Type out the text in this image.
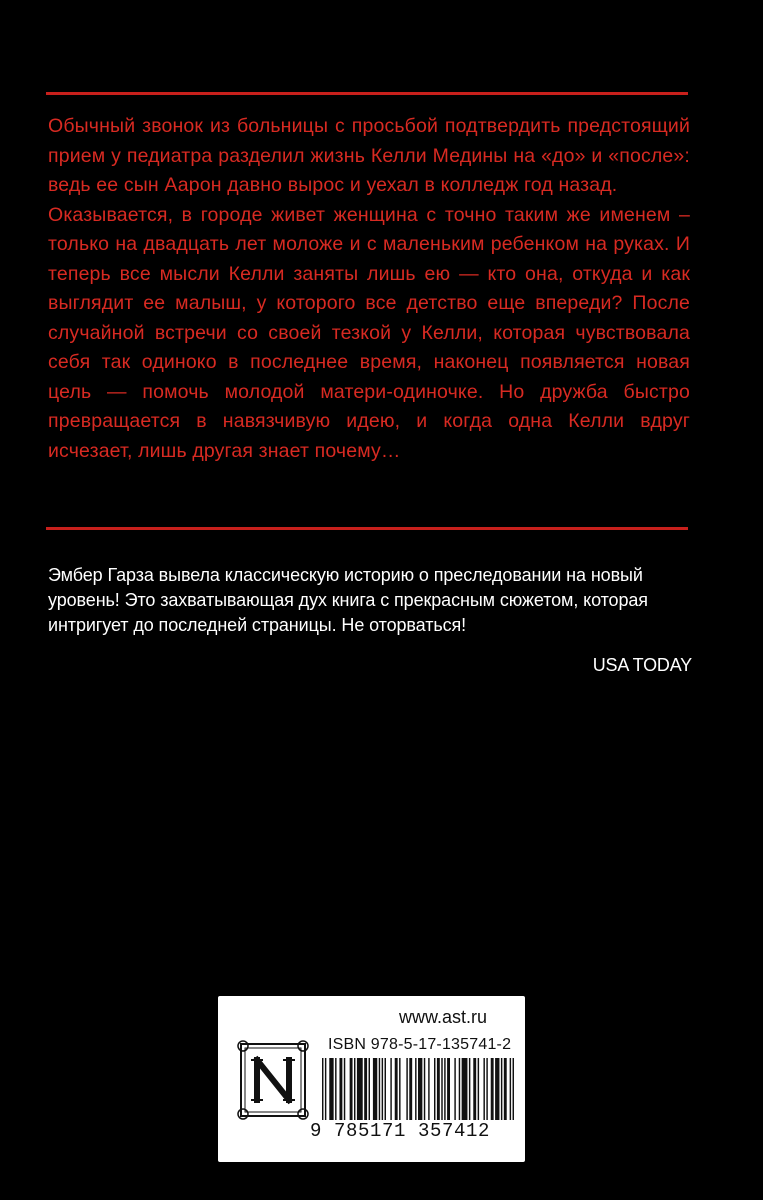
Обычный звонок из больницы с просьбой подтвердить предстоящий прием у педиатра разделил жизнь Келли Медины на «до» и «после»: ведь ее сын Аарон давно вырос и уехал в колледж год назад.

Оказывается, в городе живет женщина с точно таким же именем – только на двадцать лет моложе и с маленьким ребенком на руках. И теперь все мысли Келли заняты лишь ею — кто она, откуда и как выглядит ее малыш, у которого все детство еще впереди? После случайной встречи со своей тезкой у Келли, которая чувствовала себя так одиноко в последнее время, наконец появляется новая цель — помочь молодой матери-одиночке. Но дружба быстро превращается в навязчивую идею, и когда одна Келли вдруг исчезает, лишь другая знает почему…

Эмбер Гарза вывела классическую историю о преследовании на новый уровень! Это захватывающая дух книга с прекрасным сюжетом, которая интригует до последней страницы. Не оторваться!

USA TODAY
www.ast.ru
ISBN 978-5-17-135741-2
9 785171 357412
